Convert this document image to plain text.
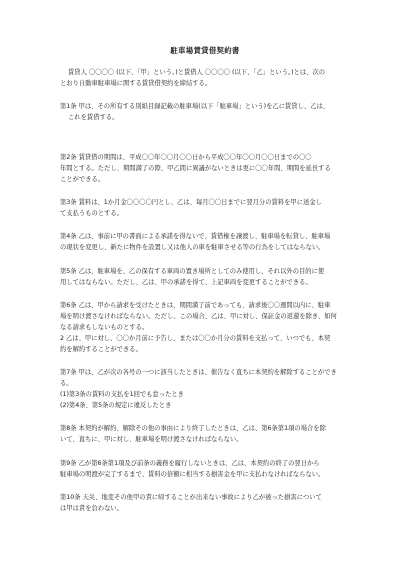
駐車場賃貸借契約書

賃貸人 〇〇〇〇 (以下、「甲」という。)と賃借人 〇〇〇〇 (以下、「乙」という。)とは、次の

とおり自動車駐車場に関する賃貸借契約を締結する。

第1条 甲は、その所有する別紙目録記載の駐車場(以下「駐車場」という)を乙に賃貸し、乙は、

これを賃借する。

第2条 賃貸借の期間は、平成〇〇年〇〇月〇〇日から平成〇〇年〇〇月〇〇日までの〇〇

年間とする。ただし、期間満了の際、甲乙間に異議がないときは更に〇〇年間、期間を延長する

ことができる。

第3条 賃料は、1か月金〇〇〇〇円とし、乙は、毎月〇〇日までに翌月分の賃料を甲に送金し

て支払うものとする。

第4条 乙は、事前に甲の書面による承諾を得ないで、賃借権を譲渡し、駐車場を転貸し、駐車場

の現状を変更し、新たに物件を設置し又は他人の車を駐車させる等の行為をしてはならない。

第5条 乙は、駐車場を、乙の保有する車両の置き場所としてのみ使用し、それ以外の目的に使

用してはならない。ただし、乙は、甲の承諾を得て、上記車両を変更することができる。

第6条 乙は、甲から請求を受けたときは、期間満了前であっても、請求後〇〇週間以内に、駐車

場を明け渡さなければならない。ただし、この場合、乙は、甲に対し、保証金の返還を除き、如何

なる請求もしないものとする。

2 乙は、甲に対し、〇〇か月前に予告し、または〇〇か月分の賃料を支払って、いつでも、本契

約を解約することができる。

第7条 甲は、乙が次の各号の一つに該当したときは、催告なく直ちに本契約を解除することができ

る。

(1)第3条の賃料の支払を1回でも怠ったとき

(2)第4条、第5条の規定に違反したとき

第8条 本契約が解約、解除その他の事由により終了したときは、乙は、第6条第1項の場合を除

いて、直ちに、甲に対し、駐車場を明け渡さなければならない。

第9条 乙が第6条第1項及び前条の義務を履行しないときは、乙は、本契約の終了の翌日から

駐車場の明渡が完了するまで、賃料の倍額に相当する損害金を甲に支払わなければならない。

第10条 天災、地変その他甲の責に帰することが出来ない事故により乙が被った損害について

は甲は責を負わない。
